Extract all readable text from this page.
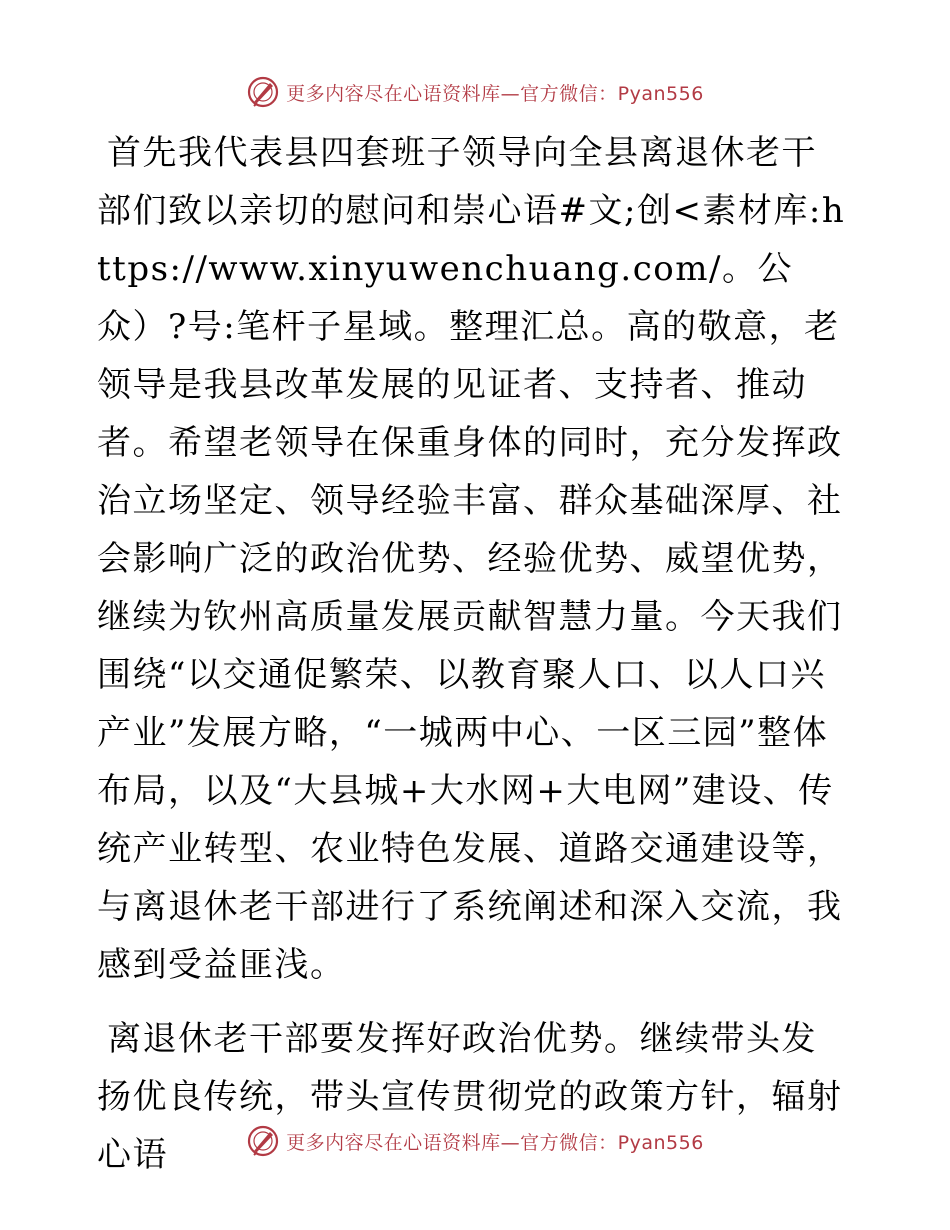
更多内容尽在心语资料库—官方微信：Pyan556

首先我代表县四套班子领导向全县离退休老干部们致以亲切的慰问和崇心语#文;创<素材库:https://www.xinyuwenchuang.com/。公众）?号:笔杆子星域。整理汇总。高的敬意，老领导是我县改革发展的见证者、支持者、推动者。希望老领导在保重身体的同时，充分发挥政治立场坚定、领导经验丰富、群众基础深厚、社会影响广泛的政治优势、经验优势、威望优势，继续为钦州高质量发展贡献智慧力量。今天我们围绕“以交通促繁荣、以教育聚人口、以人口兴产业”发展方略，“一城两中心、一区三园”整体布局，以及“大县城+大水网+大电网”建设、传统产业转型、农业特色发展、道路交通建设等，与离退休老干部进行了系统阐述和深入交流，我感到受益匪浅。

离退休老干部要发挥好政治优势。继续带头发扬优良传统，带头宣传贯彻党的政策方针，辐射心语	更多内容尽在心语资料库—官方微信：Pyan556
